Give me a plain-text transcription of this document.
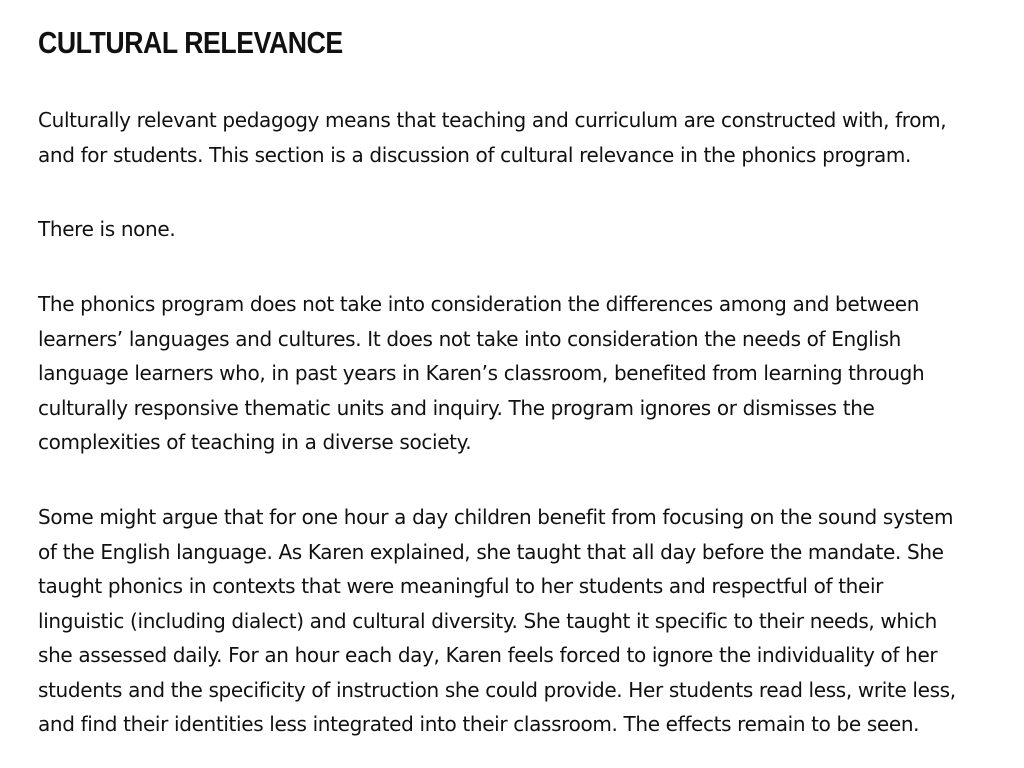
CULTURAL RELEVANCE

Culturally relevant pedagogy means that teaching and curriculum are constructed with, from,
and for students. This section is a discussion of cultural relevance in the phonics program.

There is none.

The phonics program does not take into consideration the differences among and between
learners’ languages and cultures. It does not take into consideration the needs of English
language learners who, in past years in Karen’s classroom, benefited from learning through
culturally responsive thematic units and inquiry. The program ignores or dismisses the
complexities of teaching in a diverse society.

Some might argue that for one hour a day children benefit from focusing on the sound system
of the English language. As Karen explained, she taught that all day before the mandate. She
taught phonics in contexts that were meaningful to her students and respectful of their
linguistic (including dialect) and cultural diversity. She taught it specific to their needs, which
she assessed daily. For an hour each day, Karen feels forced to ignore the individuality of her
students and the specificity of instruction she could provide. Her students read less, write less,
and find their identities less integrated into their classroom. The effects remain to be seen.
